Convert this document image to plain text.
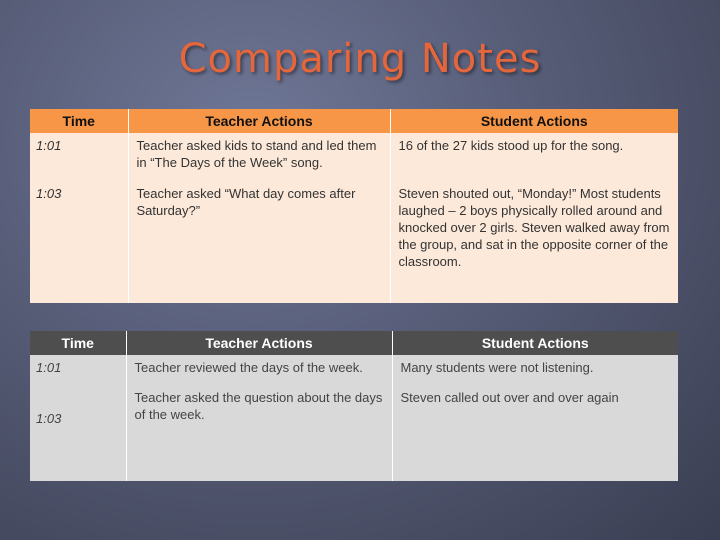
Comparing Notes
Time	Teacher Actions	Student Actions
1:01	Teacher asked kids to stand and led them in “The Days of the Week” song.	16 of the 27 kids stood up for the song.
1:03	Teacher asked “What day comes after Saturday?”	Steven shouted out, “Monday!” Most students laughed – 2 boys physically rolled around and knocked over 2 girls. Steven walked away from the group, and sat in the opposite corner of the classroom.
Time	Teacher Actions	Student Actions
1:01	Teacher reviewed the days of the week.	Many students were not listening.

1:03	Teacher asked the question about the days of the week.	Steven called out over and over again
